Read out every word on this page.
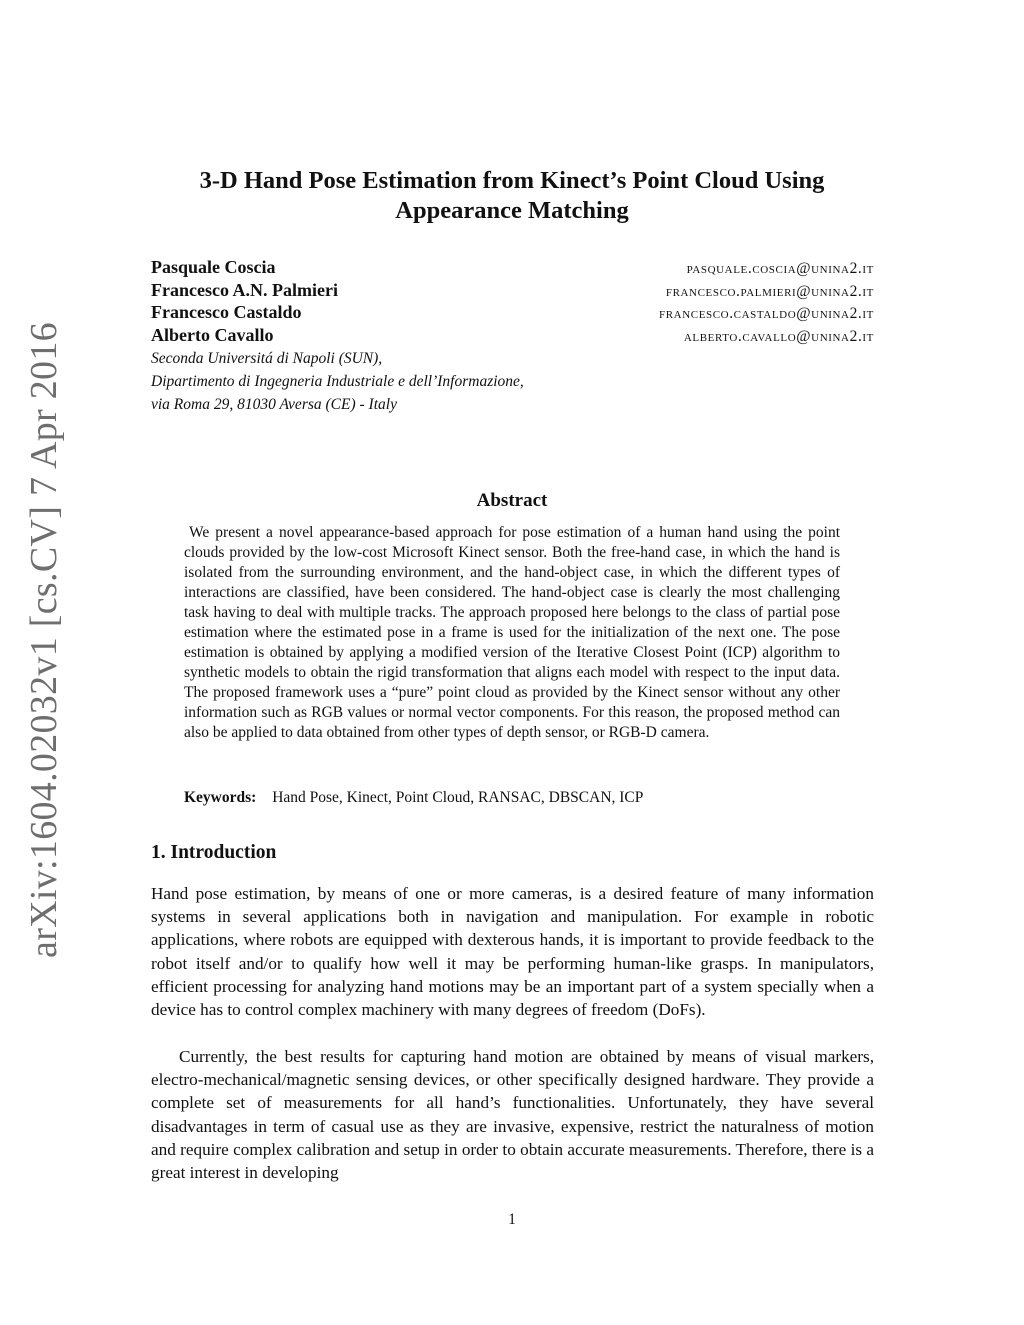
arXiv:1604.02032v1 [cs.CV] 7 Apr 2016
3-D Hand Pose Estimation from Kinect’s Point Cloud Using
Appearance Matching
Pasquale Coscia	pasquale.coscia@unina2.it
Francesco A.N. Palmieri	francesco.palmieri@unina2.it
Francesco Castaldo	francesco.castaldo@unina2.it
Alberto Cavallo	alberto.cavallo@unina2.it
Seconda Universitá di Napoli (SUN),
Dipartimento di Ingegneria Industriale e dell’Informazione,
via Roma 29, 81030 Aversa (CE) - Italy
Abstract
We present a novel appearance-based approach for pose estimation of a human hand using the point clouds provided by the low-cost Microsoft Kinect sensor. Both the free-hand case, in which the hand is isolated from the surrounding environment, and the hand-object case, in which the different types of interactions are classified, have been considered. The hand-object case is clearly the most challenging task having to deal with multiple tracks. The approach proposed here belongs to the class of partial pose estimation where the estimated pose in a frame is used for the initialization of the next one. The pose estimation is obtained by applying a modified version of the Iterative Closest Point (ICP) algorithm to synthetic models to obtain the rigid transformation that aligns each model with respect to the input data. The proposed framework uses a “pure” point cloud as provided by the Kinect sensor without any other information such as RGB values or normal vector components. For this reason, the proposed method can also be applied to data obtained from other types of depth sensor, or RGB-D camera.
Keywords: Hand Pose, Kinect, Point Cloud, RANSAC, DBSCAN, ICP
1. Introduction

Hand pose estimation, by means of one or more cameras, is a desired feature of many information systems in several applications both in navigation and manipulation. For example in robotic applications, where robots are equipped with dexterous hands, it is important to provide feedback to the robot itself and/or to qualify how well it may be performing human-like grasps. In manipulators, efficient processing for analyzing hand motions may be an important part of a system specially when a device has to control complex machinery with many degrees of freedom (DoFs).

Currently, the best results for capturing hand motion are obtained by means of visual markers, electro-mechanical/magnetic sensing devices, or other specifically designed hardware. They provide a complete set of measurements for all hand’s functionalities. Unfortunately, they have several disadvantages in term of casual use as they are invasive, expensive, restrict the naturalness of motion and require complex calibration and setup in order to obtain accurate measurements. Therefore, there is a great interest in developing

1
